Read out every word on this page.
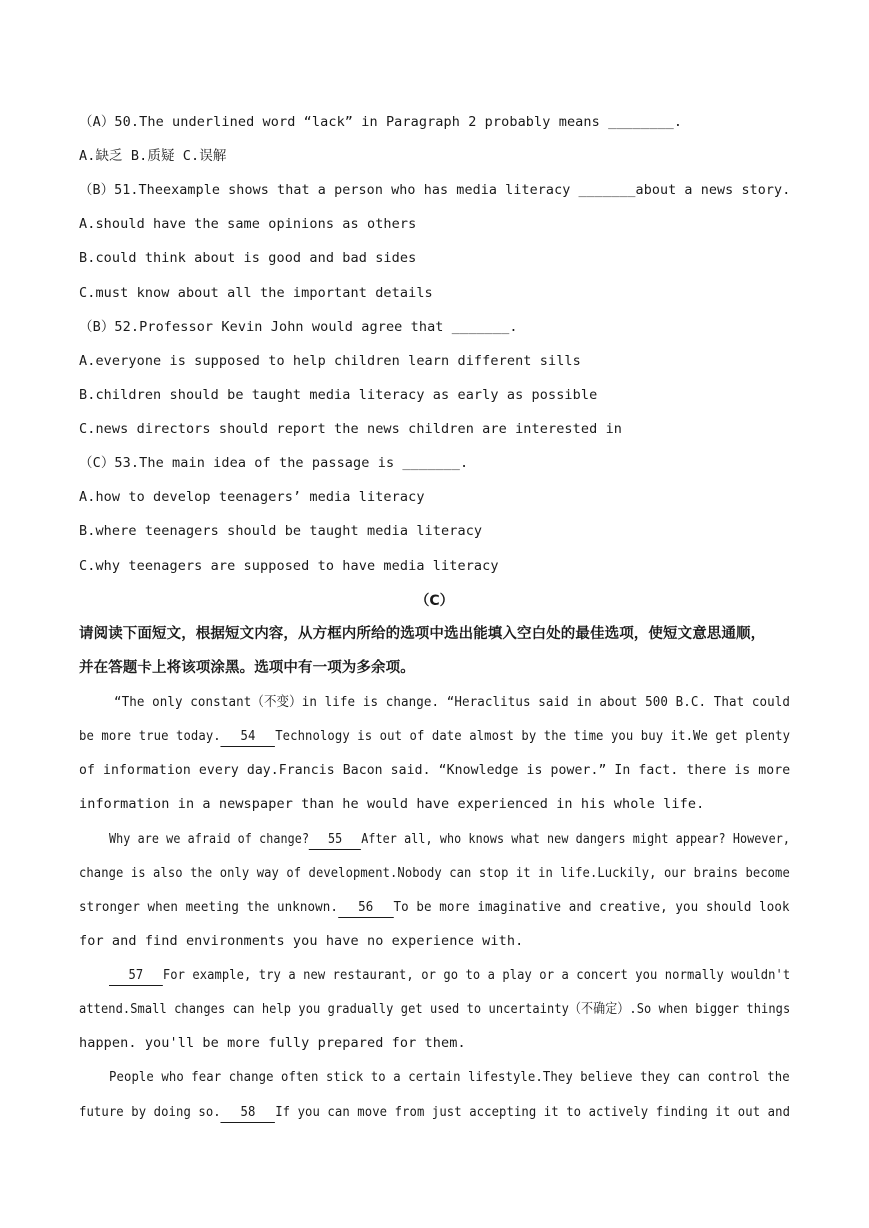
（A）50.The underlined word “lack” in Paragraph 2 probably means ________.
A.缺乏 B.质疑 C.误解
（B）51.Theexample shows that a person who has media literacy _______about a news story.
A.should have the same opinions as others
B.could think about is good and bad sides
C.must know about all the important details
（B）52.Professor Kevin John would agree that _______.
A.everyone is supposed to help children learn different sills
B.children should be taught media literacy as early as possible
C.news directors should report the news children are interested in
（C）53.The main idea of the passage is _______.
A.how to develop teenagers’ media literacy
B.where teenagers should be taught media literacy
C.why teenagers are supposed to have media literacy
（C）
请阅读下面短文，根据短文内容，从方框内所给的选项中选出能填入空白处的最佳选项，使短文意思通顺，
并在答题卡上将该项涂黑。选项中有一项为多余项。
“The only constant（不变）in life is change. “Heraclitus said in about 500 B.C. That could
be more true today. 54 Technology is out of date almost by the time you buy it.We get plenty
of information every day.Francis Bacon said. “Knowledge is power.” In fact. there is more
information in a newspaper than he would have experienced in his whole life.
Why are we afraid of change? 55 After all, who knows what new dangers might appear? However,
change is also the only way of development.Nobody can stop it in life.Luckily, our brains become
stronger when meeting the unknown. 56 To be more imaginative and creative, you should look
for and find environments you have no experience with.
57 For example, try a new restaurant, or go to a play or a concert you normally wouldn't
attend.Small changes can help you gradually get used to uncertainty（不确定）.So when bigger things
happen. you'll be more fully prepared for them.
People who fear change often stick to a certain lifestyle.They believe they can control the
future by doing so. 58 If you can move from just accepting it to actively finding it out and
